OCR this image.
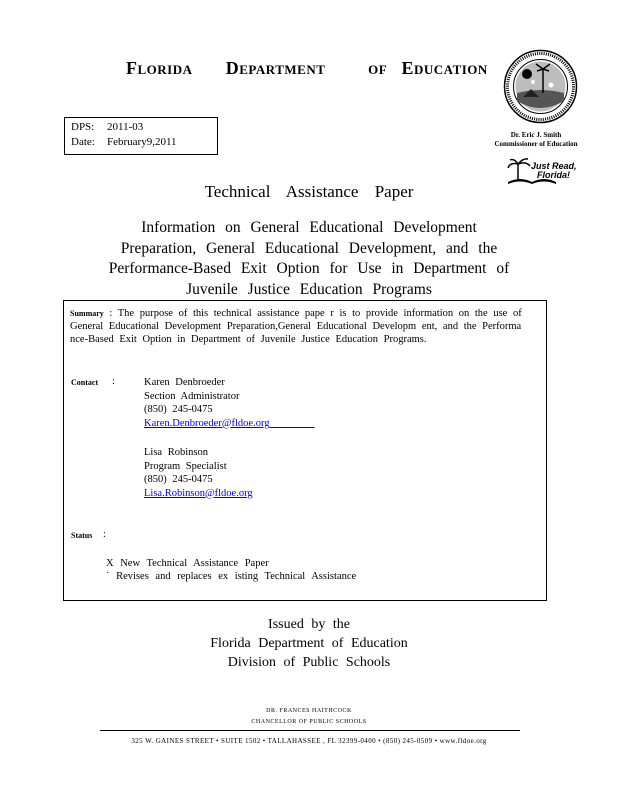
FLORIDA DEPARTMENT	OF EDUCATION
DPS: 2011-03
Date: February9,2011
Dr. Eric J. Smith
Commissioner of Education
Just Read,
Florida!
Technical Assistance Paper
Information on General Educational Development
Preparation, General Educational Development, and the
Performance-Based Exit Option for Use in Department of
Juvenile Justice Education Programs
Summary : The purpose of this technical assistance pape r is to provide information on the use of General Educational Development Preparation,General Educational Developm ent, and the Performa nce-Based Exit Option in Department of Juvenile Justice Education Programs.
Contact :	Karen Denbroeder
Section Administrator
(850) 245-0475
Karen.Denbroeder@fldoe.org
Lisa Robinson
Program Specialist
(850) 245-0475
Lisa.Robinson@fldoe.org
Status :
X New Technical Assistance Paper
˙ Revises and replaces ex isting Technical Assistance
Issued by the
Florida Department of Education
Division of Public Schools
DR. FRANCES HAITHCOCK
CHANCELLOR OF PUBLIC SCHOOLS
325 W. GAINES STREET • SUITE 1502 • TALLAHASSEE , FL 32399-0400 • (850) 245-0509 • www.fldoe.org
